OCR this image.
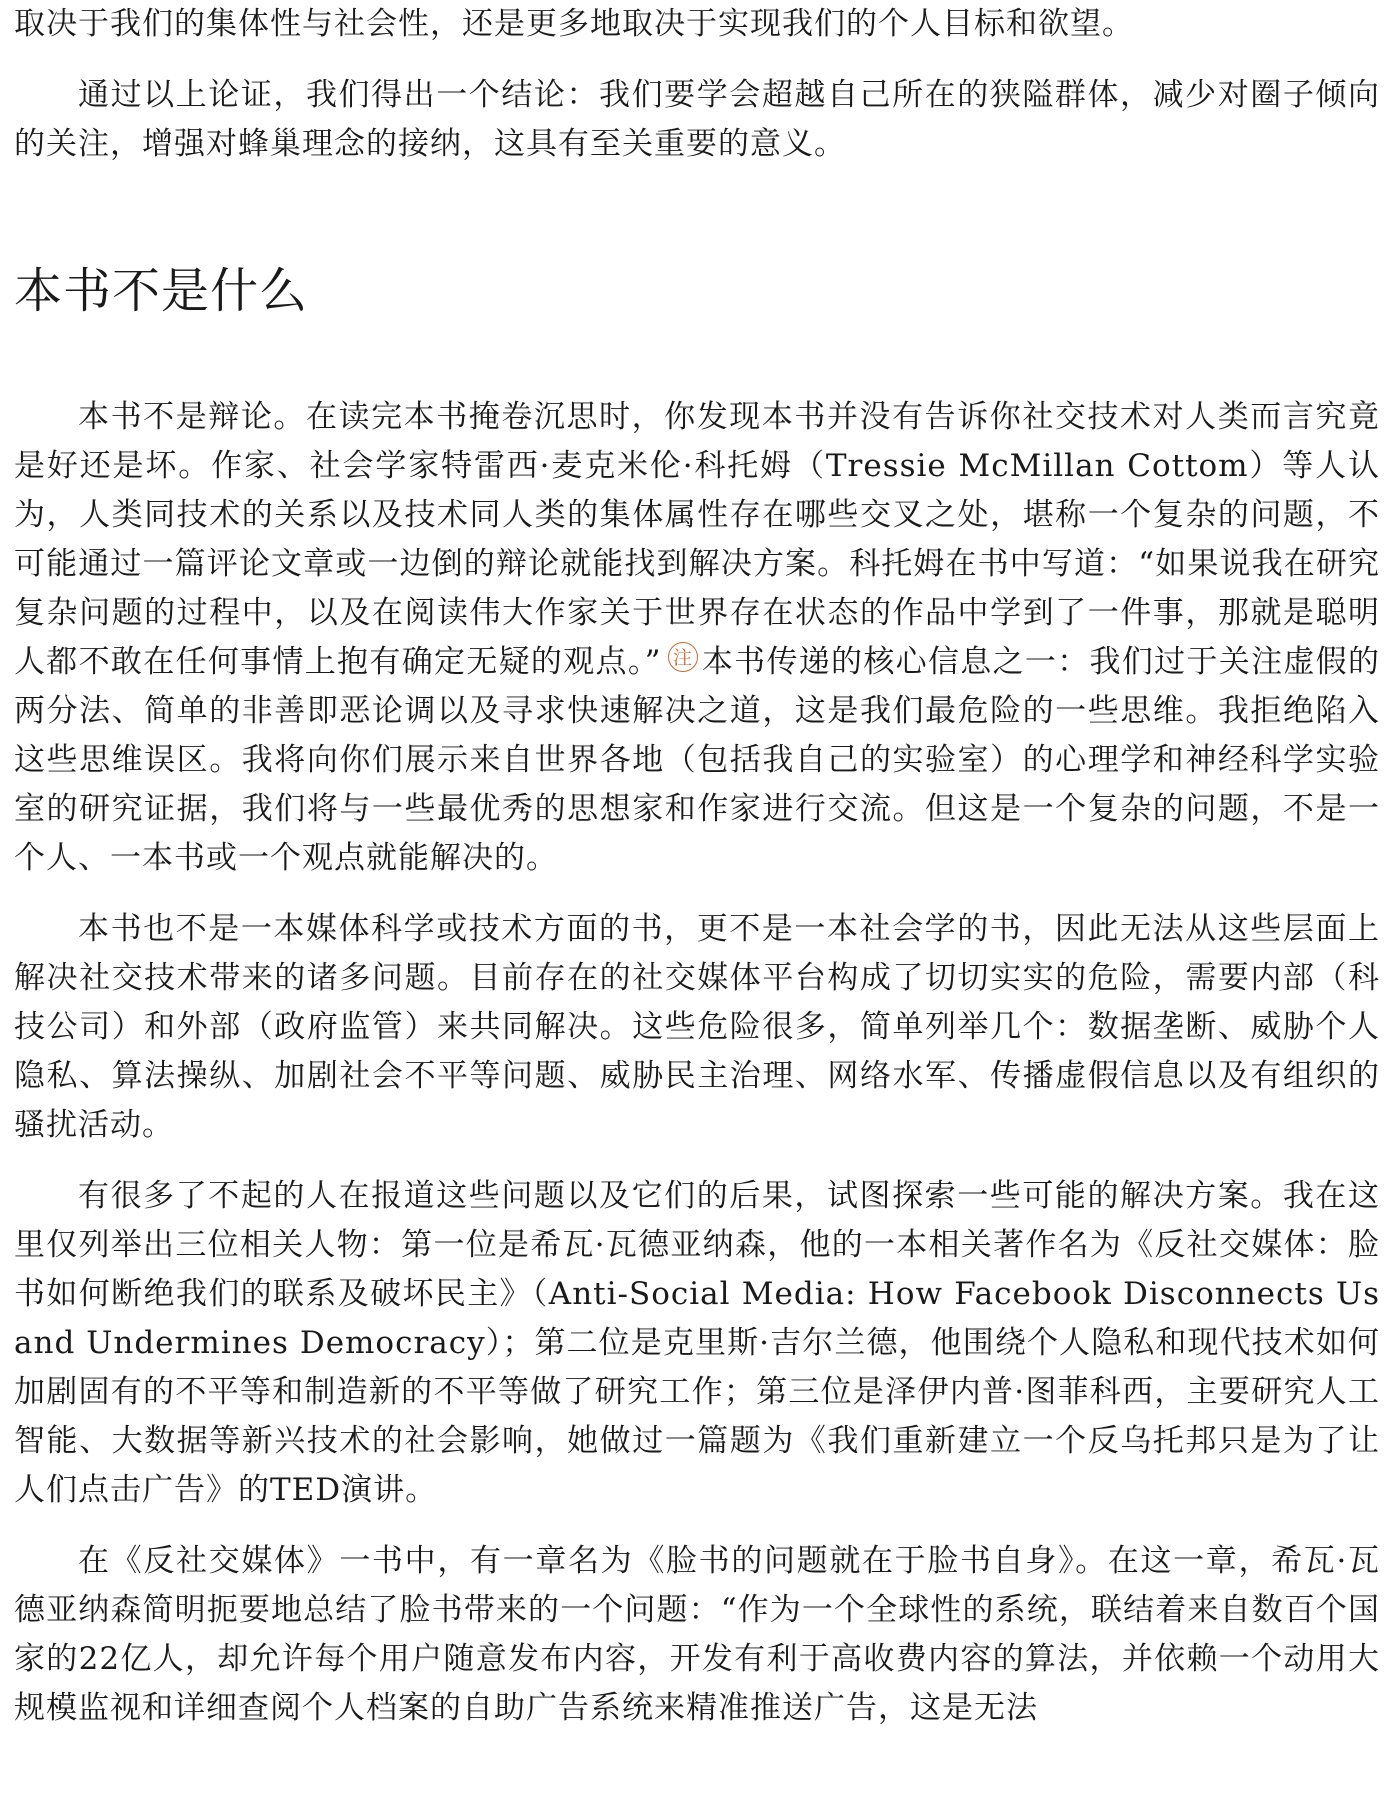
取决于我们的集体性与社会性，还是更多地取决于实现我们的个人目标和欲望。

通过以上论证，我们得出一个结论：我们要学会超越自己所在的狭隘群体，减少对圈子倾向的关注，增强对蜂巢理念的接纳，这具有至关重要的意义。

本书不是什么

本书不是辩论。在读完本书掩卷沉思时，你发现本书并没有告诉你社交技术对人类而言究竟是好还是坏。作家、社会学家特雷西·麦克米伦·科托姆（Tressie McMillan Cottom）等人认为，人类同技术的关系以及技术同人类的集体属性存在哪些交叉之处，堪称一个复杂的问题，不可能通过一篇评论文章或一边倒的辩论就能找到解决方案。科托姆在书中写道：“如果说我在研究复杂问题的过程中，以及在阅读伟大作家关于世界存在状态的作品中学到了一件事，那就是聪明人都不敢在任何事情上抱有确定无疑的观点。” 注 本书传递的核心信息之一：我们过于关注虚假的两分法、简单的非善即恶论调以及寻求快速解决之道，这是我们最危险的一些思维。我拒绝陷入这些思维误区。我将向你们展示来自世界各地（包括我自己的实验室）的心理学和神经科学实验室的研究证据，我们将与一些最优秀的思想家和作家进行交流。但这是一个复杂的问题，不是一个人、一本书或一个观点就能解决的。

本书也不是一本媒体科学或技术方面的书，更不是一本社会学的书，因此无法从这些层面上解决社交技术带来的诸多问题。目前存在的社交媒体平台构成了切切实实的危险，需要内部（科技公司）和外部（政府监管）来共同解决。这些危险很多，简单列举几个：数据垄断、威胁个人隐私、算法操纵、加剧社会不平等问题、威胁民主治理、网络水军、传播虚假信息以及有组织的骚扰活动。

有很多了不起的人在报道这些问题以及它们的后果，试图探索一些可能的解决方案。我在这里仅列举出三位相关人物：第一位是希瓦·瓦德亚纳森，他的一本相关著作名为《反社交媒体：脸书如何断绝我们的联系及破坏民主》（Anti-Social Media: How Facebook Disconnects Us and Undermines Democracy）；第二位是克里斯·吉尔兰德，他围绕个人隐私和现代技术如何加剧固有的不平等和制造新的不平等做了研究工作；第三位是泽伊内普·图菲科西，主要研究人工智能、大数据等新兴技术的社会影响，她做过一篇题为《我们重新建立一个反乌托邦只是为了让人们点击广告》的TED演讲。

在《反社交媒体》一书中，有一章名为《脸书的问题就在于脸书自身》。在这一章，希瓦·瓦德亚纳森简明扼要地总结了脸书带来的一个问题：“作为一个全球性的系统，联结着来自数百个国家的22亿人，却允许每个用户随意发布内容，开发有利于高收费内容的算法，并依赖一个动用大规模监视和详细查阅个人档案的自助广告系统来精准推送广告，这是无法
